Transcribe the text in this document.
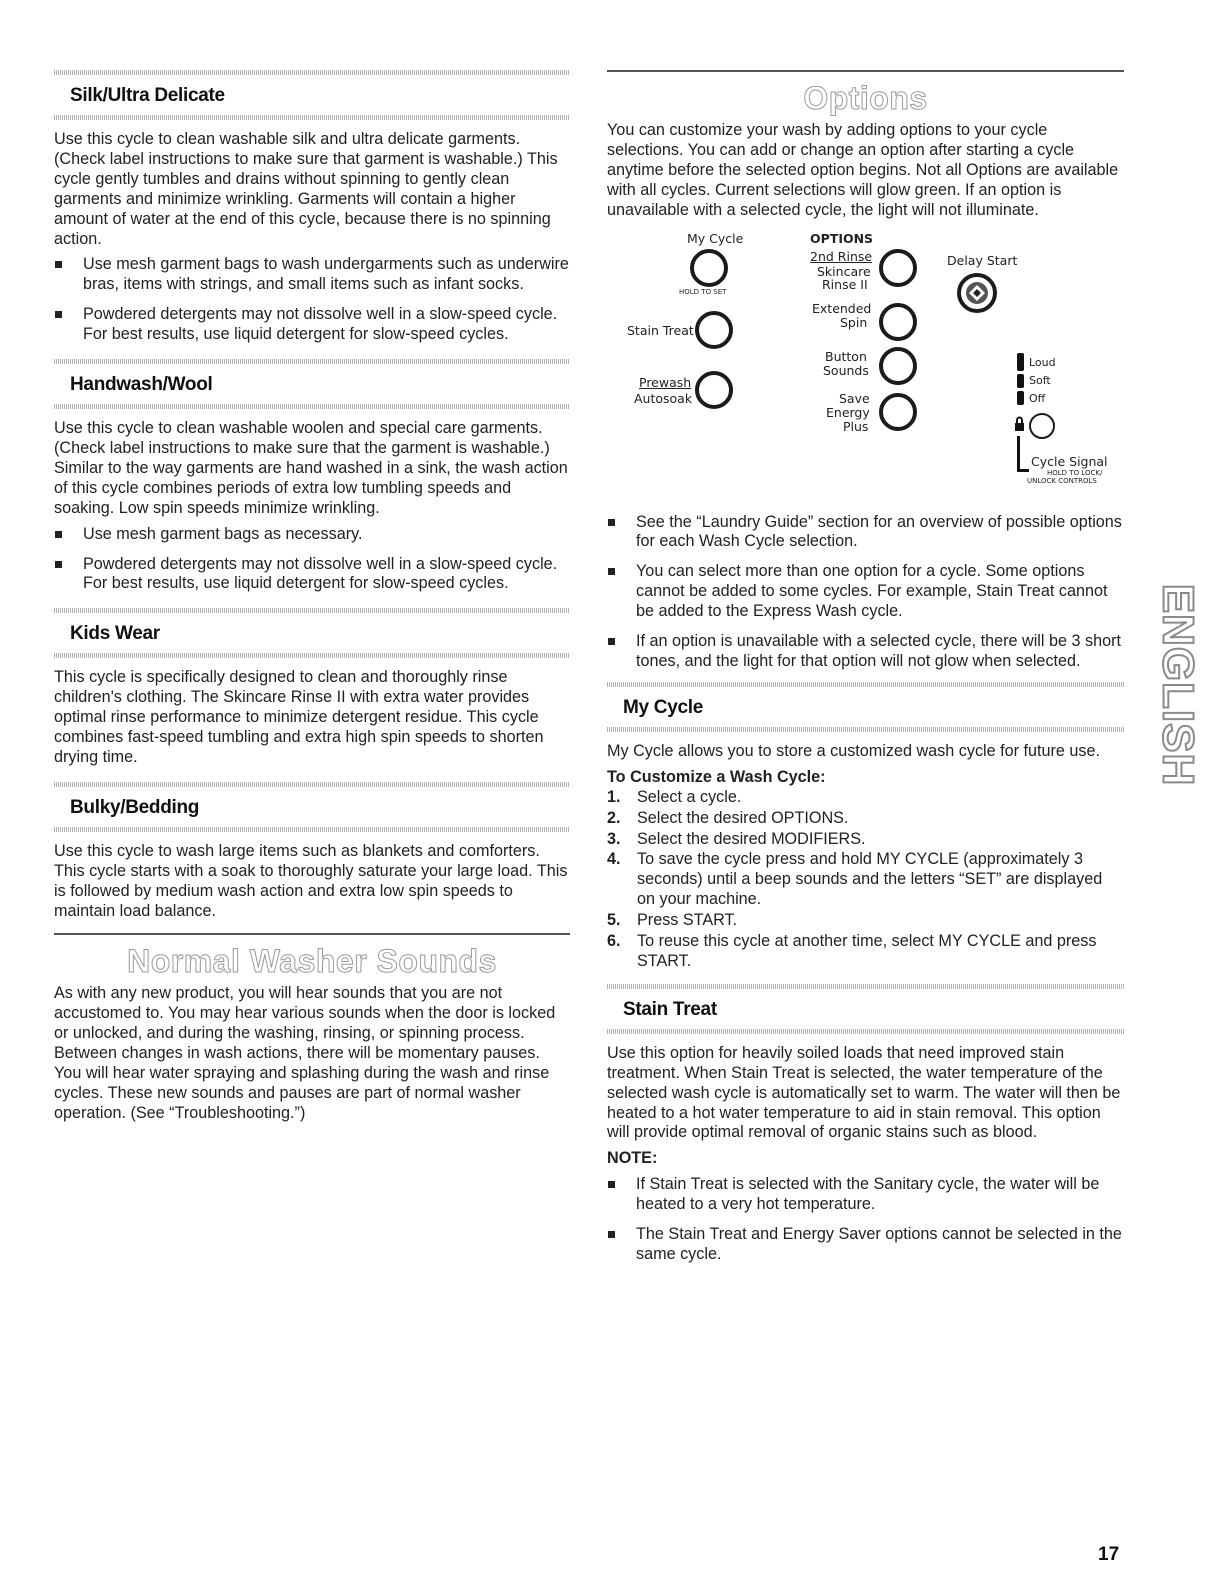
Silk/Ultra Delicate

Use this cycle to clean washable silk and ultra delicate garments. (Check label instructions to make sure that garment is washable.) This cycle gently tumbles and drains without spinning to gently clean garments and minimize wrinkling. Garments will contain a higher amount of water at the end of this cycle, because there is no spinning action.

Use mesh garment bags to wash undergarments such as underwire bras, items with strings, and small items such as infant socks.
Powdered detergents may not dissolve well in a slow-speed cycle. For best results, use liquid detergent for slow-speed cycles.
Handwash/Wool

Use this cycle to clean washable woolen and special care garments. (Check label instructions to make sure that the garment is washable.) Similar to the way garments are hand washed in a sink, the wash action of this cycle combines periods of extra low tumbling speeds and soaking. Low spin speeds minimize wrinkling.

Use mesh garment bags as necessary.
Powdered detergents may not dissolve well in a slow-speed cycle. For best results, use liquid detergent for slow-speed cycles.
Kids Wear

This cycle is specifically designed to clean and thoroughly rinse children's clothing. The Skincare Rinse II with extra water provides optimal rinse performance to minimize detergent residue. This cycle combines fast-speed tumbling and extra high spin speeds to shorten drying time.

Bulky/Bedding

Use this cycle to wash large items such as blankets and comforters. This cycle starts with a soak to thoroughly saturate your large load. This is followed by medium wash action and extra low spin speeds to maintain load balance.

Normal Washer Sounds

As with any new product, you will hear sounds that you are not accustomed to. You may hear various sounds when the door is locked or unlocked, and during the washing, rinsing, or spinning process. Between changes in wash actions, there will be momentary pauses. You will hear water spraying and splashing during the wash and rinse cycles. These new sounds and pauses are part of normal washer operation. (See “Troubleshooting.”)

Options

You can customize your wash by adding options to your cycle selections. You can add or change an option after starting a cycle anytime before the selected option begins. Not all Options are available with all cycles. Current selections will glow green. If an option is unavailable with a selected cycle, the light will not illuminate.

My Cycle
HOLD TO SET
Stain Treat
Prewash
Autosoak
OPTIONS
2nd Rinse
Skincare
Rinse II
Extended
Spin
Button
Sounds
Save
Energy
Plus
Delay Start
Loud
Soft
Off
Cycle Signal
HOLD TO LOCK/
UNLOCK CONTROLS
See the “Laundry Guide” section for an overview of possible options for each Wash Cycle selection.
You can select more than one option for a cycle. Some options cannot be added to some cycles. For example, Stain Treat cannot be added to the Express Wash cycle.
If an option is unavailable with a selected cycle, there will be 3 short tones, and the light for that option will not glow when selected.
My Cycle

My Cycle allows you to store a customized wash cycle for future use.

To Customize a Wash Cycle:

1. Select a cycle.
2. Select the desired OPTIONS.
3. Select the desired MODIFIERS.
4. To save the cycle press and hold MY CYCLE (approximately 3 seconds) until a beep sounds and the letters “SET” are displayed on your machine.
5. Press START.
6. To reuse this cycle at another time, select MY CYCLE and press START.
Stain Treat

Use this option for heavily soiled loads that need improved stain treatment. When Stain Treat is selected, the water temperature of the selected wash cycle is automatically set to warm. The water will then be heated to a hot water temperature to aid in stain removal. This option will provide optimal removal of organic stains such as blood.

NOTE:

If Stain Treat is selected with the Sanitary cycle, the water will be heated to a very hot temperature.
The Stain Treat and Energy Saver options cannot be selected in the same cycle.
ENGLISH
17
